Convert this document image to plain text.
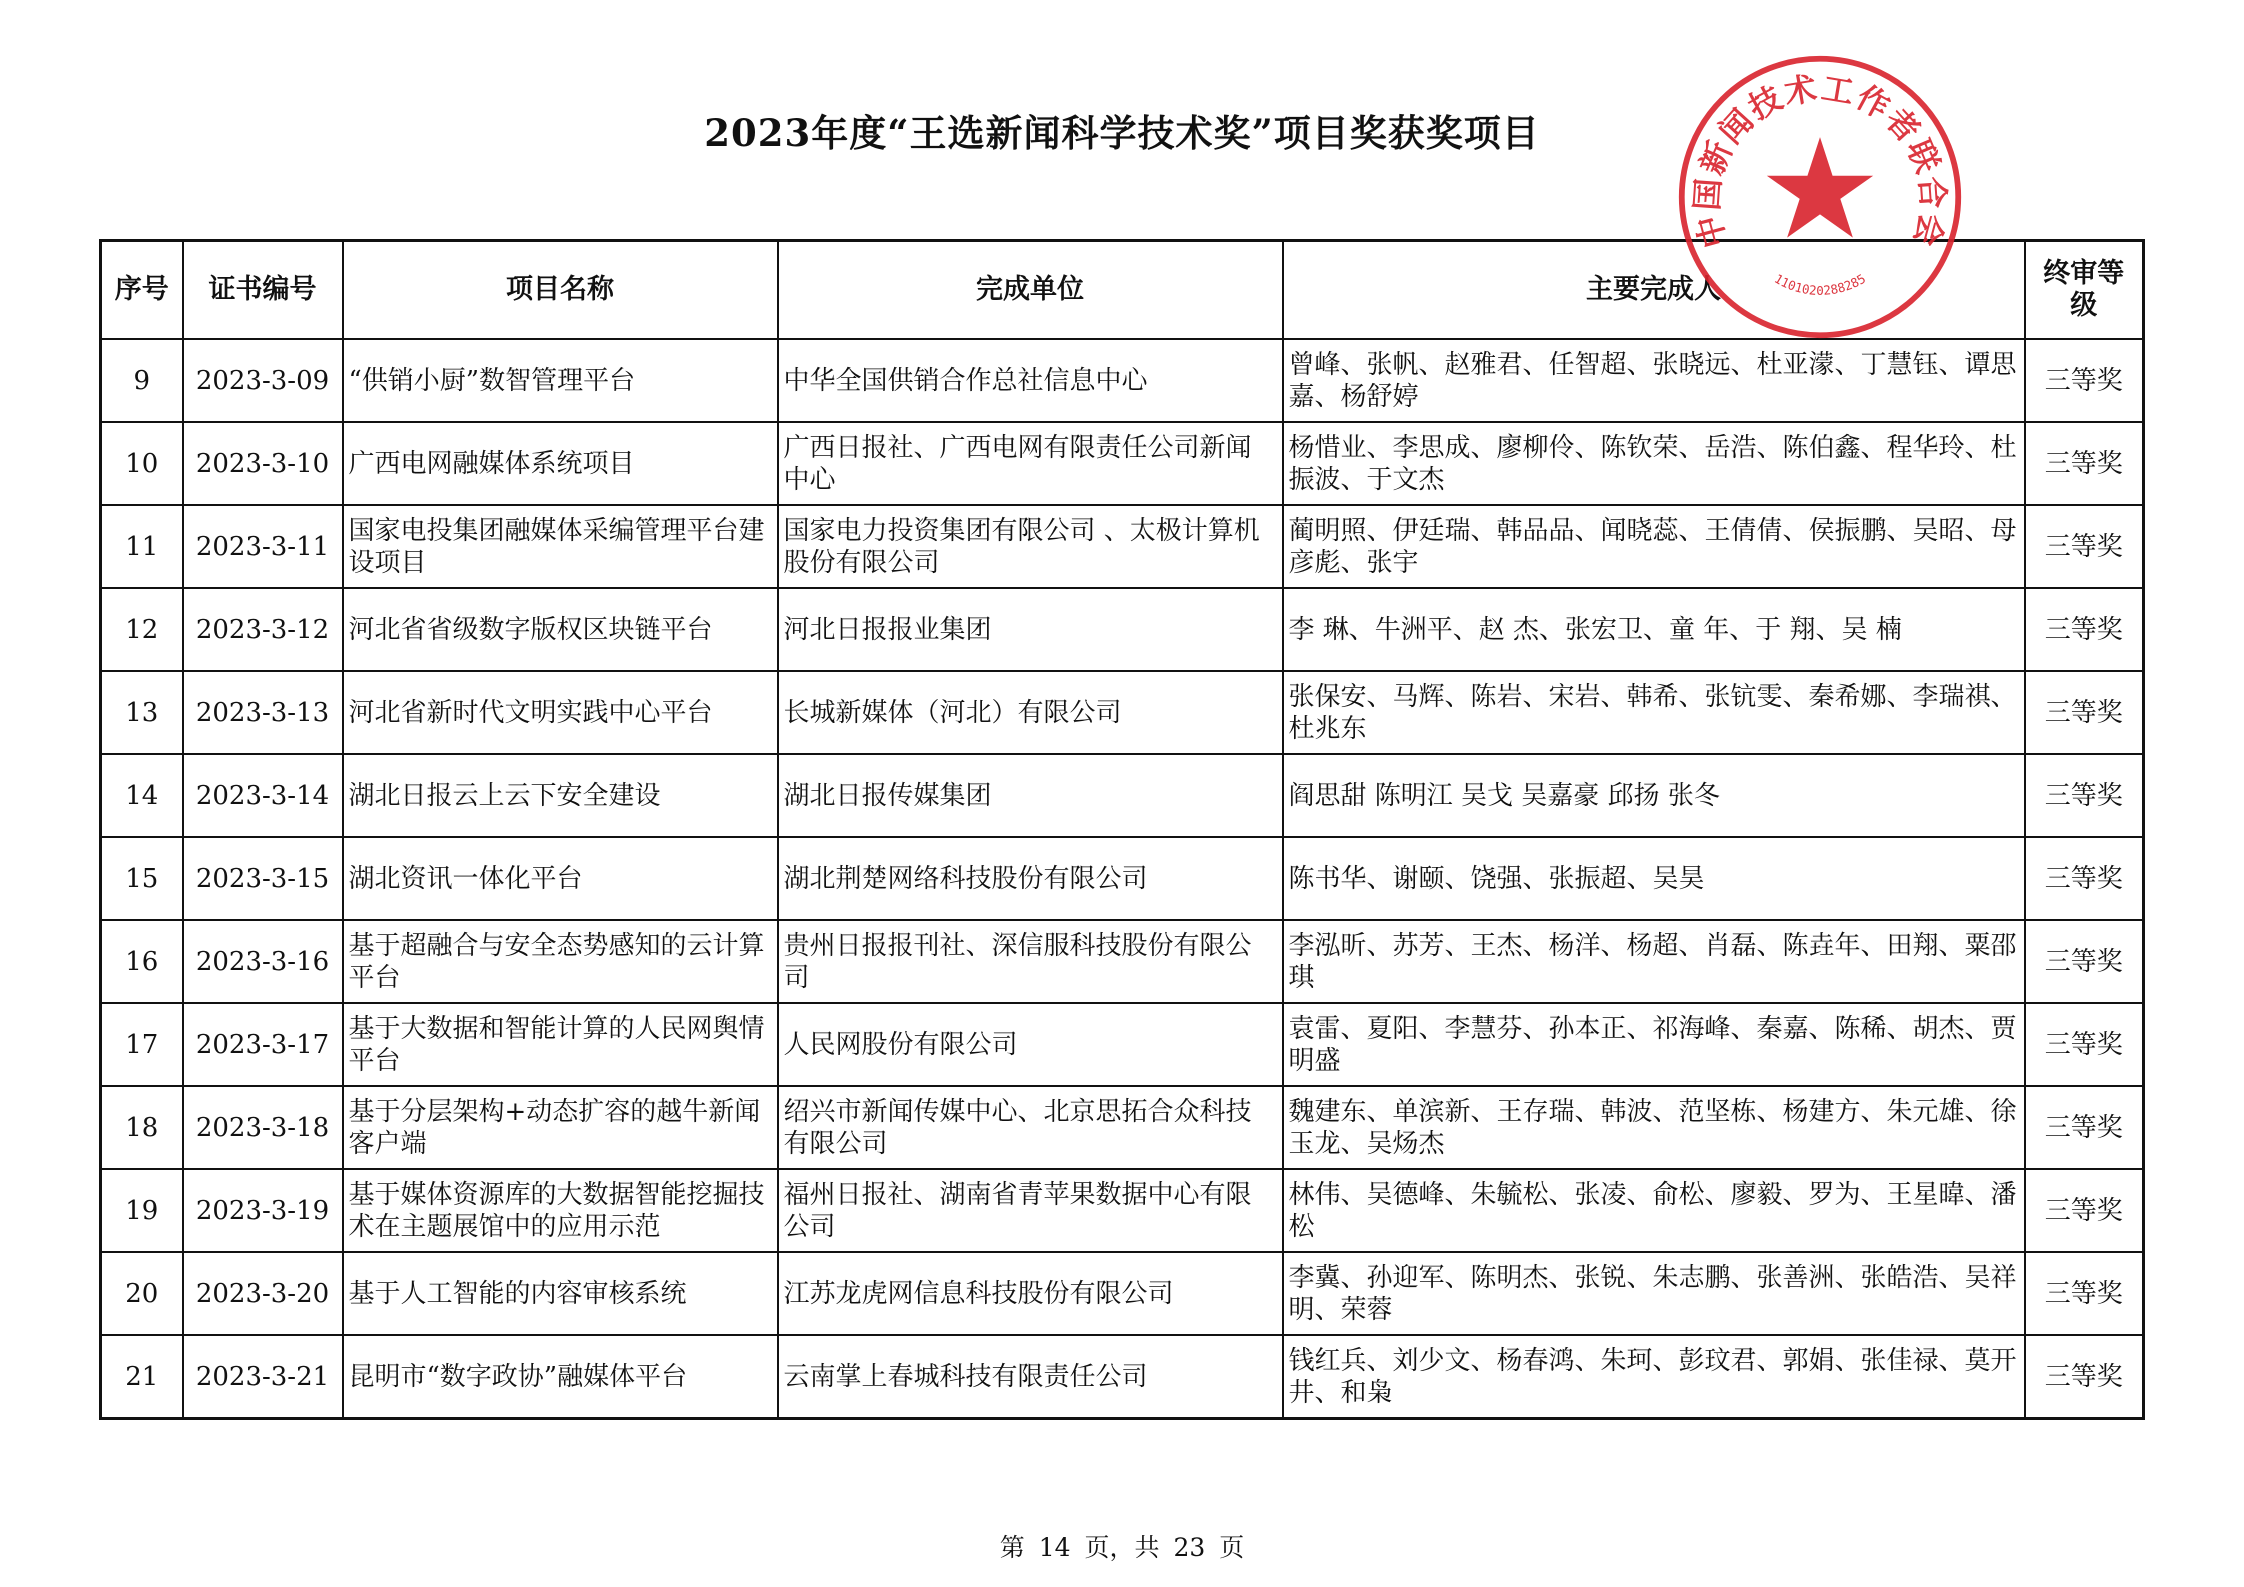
2023年度“王选新闻科学技术奖”项目奖获奖项目
序号	证书编号	项目名称	完成单位	主要完成人	终审等级
9	2023-3-09	“供销小厨”数智管理平台	中华全国供销合作总社信息中心	曾峰、张帆、赵雅君、任智超、张晓远、杜亚濛、丁慧钰、谭思嘉、杨舒婷	三等奖
10	2023-3-10	广西电网融媒体系统项目	广西日报社、广西电网有限责任公司新闻中心	杨惜业、李思成、廖柳伶、陈钦荣、岳浩、陈伯鑫、程华玲、杜振波、于文杰	三等奖
11	2023-3-11	国家电投集团融媒体采编管理平台建设项目	国家电力投资集团有限公司 、太极计算机股份有限公司	蔺明照、伊廷瑞、韩品品、闻晓蕊、王倩倩、侯振鹏、吴昭、母彦彪、张宇	三等奖
12	2023-3-12	河北省省级数字版权区块链平台	河北日报报业集团	李 琳、牛洲平、赵 杰、张宏卫、童 年、于 翔、吴 楠	三等奖
13	2023-3-13	河北省新时代文明实践中心平台	长城新媒体（河北）有限公司	张保安、马辉、陈岩、宋岩、韩希、张钪雯、秦希娜、李瑞祺、杜兆东	三等奖
14	2023-3-14	湖北日报云上云下安全建设	湖北日报传媒集团	阎思甜 陈明江 吴戈 吴嘉豪 邱扬 张冬	三等奖
15	2023-3-15	湖北资讯一体化平台	湖北荆楚网络科技股份有限公司	陈书华、谢颐、饶强、张振超、吴昊	三等奖
16	2023-3-16	基于超融合与安全态势感知的云计算平台	贵州日报报刊社、深信服科技股份有限公司	李泓昕、苏芳、王杰、杨洋、杨超、肖磊、陈垚年、田翔、粟邵琪	三等奖
17	2023-3-17	基于大数据和智能计算的人民网舆情平台	人民网股份有限公司	袁雷、夏阳、李慧芬、孙本正、祁海峰、秦嘉、陈稀、胡杰、贾明盛	三等奖
18	2023-3-18	基于分层架构+动态扩容的越牛新闻客户端	绍兴市新闻传媒中心、北京思拓合众科技有限公司	魏建东、单滨新、王存瑞、韩波、范坚栋、杨建方、朱元雄、徐玉龙、吴炀杰	三等奖
19	2023-3-19	基于媒体资源库的大数据智能挖掘技术在主题展馆中的应用示范	福州日报社、湖南省青苹果数据中心有限公司	林伟、吴德峰、朱毓松、张凌、俞松、廖毅、罗为、王星暐、潘松	三等奖
20	2023-3-20	基于人工智能的内容审核系统	江苏龙虎网信息科技股份有限公司	李冀、孙迎军、陈明杰、张锐、朱志鹏、张善洲、张皓浩、吴祥明、荣蓉	三等奖
21	2023-3-21	昆明市“数字政协”融媒体平台	云南掌上春城科技有限责任公司	钱红兵、刘少文、杨春鸿、朱珂、彭玟君、郭娟、张佳禄、莫开井、和枭	三等奖
中国新闻技术工作者联合会
1101020288285
第 14 页，共 23 页
